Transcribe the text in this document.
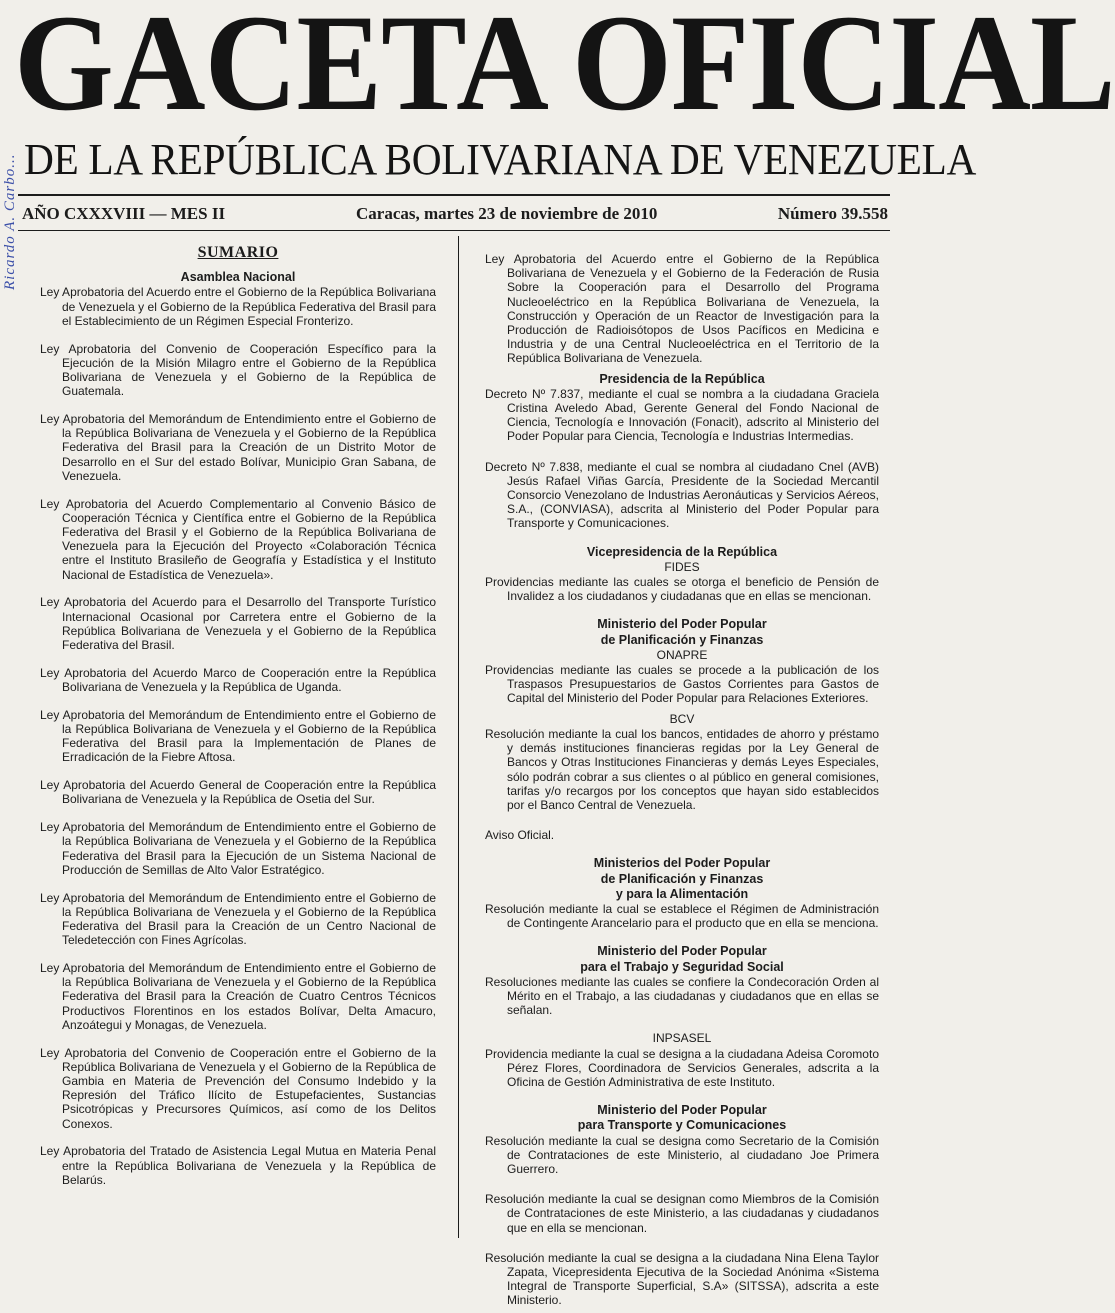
Ricardo A. Carbo...
GACETA OFICIAL
DE LA REPÚBLICA BOLIVARIANA DE VENEZUELA
AÑO CXXXVIII — MES II	Caracas, martes 23 de noviembre de 2010	Número 39.558
SUMARIO
Asamblea Nacional

Ley Aprobatoria del Acuerdo entre el Gobierno de la República Bolivariana de Venezuela y el Gobierno de la República Federativa del Brasil para el Establecimiento de un Régimen Especial Fronterizo.

Ley Aprobatoria del Convenio de Cooperación Específico para la Ejecución de la Misión Milagro entre el Gobierno de la República Bolivariana de Venezuela y el Gobierno de la República de Guatemala.

Ley Aprobatoria del Memorándum de Entendimiento entre el Gobierno de la República Bolivariana de Venezuela y el Gobierno de la República Federativa del Brasil para la Creación de un Distrito Motor de Desarrollo en el Sur del estado Bolívar, Municipio Gran Sabana, de Venezuela.

Ley Aprobatoria del Acuerdo Complementario al Convenio Básico de Cooperación Técnica y Científica entre el Gobierno de la República Federativa del Brasil y el Gobierno de la República Bolivariana de Venezuela para la Ejecución del Proyecto «Colaboración Técnica entre el Instituto Brasileño de Geografía y Estadística y el Instituto Nacional de Estadística de Venezuela».

Ley Aprobatoria del Acuerdo para el Desarrollo del Transporte Turístico Internacional Ocasional por Carretera entre el Gobierno de la República Bolivariana de Venezuela y el Gobierno de la República Federativa del Brasil.

Ley Aprobatoria del Acuerdo Marco de Cooperación entre la República Bolivariana de Venezuela y la República de Uganda.

Ley Aprobatoria del Memorándum de Entendimiento entre el Gobierno de la República Bolivariana de Venezuela y el Gobierno de la República Federativa del Brasil para la Implementación de Planes de Erradicación de la Fiebre Aftosa.

Ley Aprobatoria del Acuerdo General de Cooperación entre la República Bolivariana de Venezuela y la República de Osetia del Sur.

Ley Aprobatoria del Memorándum de Entendimiento entre el Gobierno de la República Bolivariana de Venezuela y el Gobierno de la República Federativa del Brasil para la Ejecución de un Sistema Nacional de Producción de Semillas de Alto Valor Estratégico.

Ley Aprobatoria del Memorándum de Entendimiento entre el Gobierno de la República Bolivariana de Venezuela y el Gobierno de la República Federativa del Brasil para la Creación de un Centro Nacional de Teledetección con Fines Agrícolas.

Ley Aprobatoria del Memorándum de Entendimiento entre el Gobierno de la República Bolivariana de Venezuela y el Gobierno de la República Federativa del Brasil para la Creación de Cuatro Centros Técnicos Productivos Florentinos en los estados Bolívar, Delta Amacuro, Anzoátegui y Monagas, de Venezuela.

Ley Aprobatoria del Convenio de Cooperación entre el Gobierno de la República Bolivariana de Venezuela y el Gobierno de la República de Gambia en Materia de Prevención del Consumo Indebido y la Represión del Tráfico Ilícito de Estupefacientes, Sustancias Psicotrópicas y Precursores Químicos, así como de los Delitos Conexos.

Ley Aprobatoria del Tratado de Asistencia Legal Mutua en Materia Penal entre la República Bolivariana de Venezuela y la República de Belarús.

Ley Aprobatoria del Acuerdo entre el Gobierno de la República Bolivariana de Venezuela y el Gobierno de la Federación de Rusia Sobre la Cooperación para el Desarrollo del Programa Nucleoeléctrico en la República Bolivariana de Venezuela, la Construcción y Operación de un Reactor de Investigación para la Producción de Radioisótopos de Usos Pacíficos en Medicina e Industria y de una Central Nucleoeléctrica en el Territorio de la República Bolivariana de Venezuela.

Presidencia de la República

Decreto Nº 7.837, mediante el cual se nombra a la ciudadana Graciela Cristina Aveledo Abad, Gerente General del Fondo Nacional de Ciencia, Tecnología e Innovación (Fonacit), adscrito al Ministerio del Poder Popular para Ciencia, Tecnología e Industrias Intermedias.

Decreto Nº 7.838, mediante el cual se nombra al ciudadano Cnel (AVB) Jesús Rafael Viñas García, Presidente de la Sociedad Mercantil Consorcio Venezolano de Industrias Aeronáuticas y Servicios Aéreos, S.A., (CONVIASA), adscrita al Ministerio del Poder Popular para Transporte y Comunicaciones.

Vicepresidencia de la República
FIDES

Providencias mediante las cuales se otorga el beneficio de Pensión de Invalidez a los ciudadanos y ciudadanas que en ellas se mencionan.

Ministerio del Poder Popular
de Planificación y Finanzas
ONAPRE

Providencias mediante las cuales se procede a la publicación de los Traspasos Presupuestarios de Gastos Corrientes para Gastos de Capital del Ministerio del Poder Popular para Relaciones Exteriores.

BCV

Resolución mediante la cual los bancos, entidades de ahorro y préstamo y demás instituciones financieras regidas por la Ley General de Bancos y Otras Instituciones Financieras y demás Leyes Especiales, sólo podrán cobrar a sus clientes o al público en general comisiones, tarifas y/o recargos por los conceptos que hayan sido establecidos por el Banco Central de Venezuela.

Aviso Oficial.

Ministerios del Poder Popular
de Planificación y Finanzas
y para la Alimentación

Resolución mediante la cual se establece el Régimen de Administración de Contingente Arancelario para el producto que en ella se menciona.

Ministerio del Poder Popular
para el Trabajo y Seguridad Social

Resoluciones mediante las cuales se confiere la Condecoración Orden al Mérito en el Trabajo, a las ciudadanas y ciudadanos que en ellas se señalan.

INPSASEL

Providencia mediante la cual se designa a la ciudadana Adeisa Coromoto Pérez Flores, Coordinadora de Servicios Generales, adscrita a la Oficina de Gestión Administrativa de este Instituto.

Ministerio del Poder Popular
para Transporte y Comunicaciones

Resolución mediante la cual se designa como Secretario de la Comisión de Contrataciones de este Ministerio, al ciudadano Joe Primera Guerrero.

Resolución mediante la cual se designan como Miembros de la Comisión de Contrataciones de este Ministerio, a las ciudadanas y ciudadanos que en ella se mencionan.

Resolución mediante la cual se designa a la ciudadana Nina Elena Taylor Zapata, Vicepresidenta Ejecutiva de la Sociedad Anónima «Sistema Integral de Transporte Superficial, S.A» (SITSSA), adscrita a este Ministerio.
